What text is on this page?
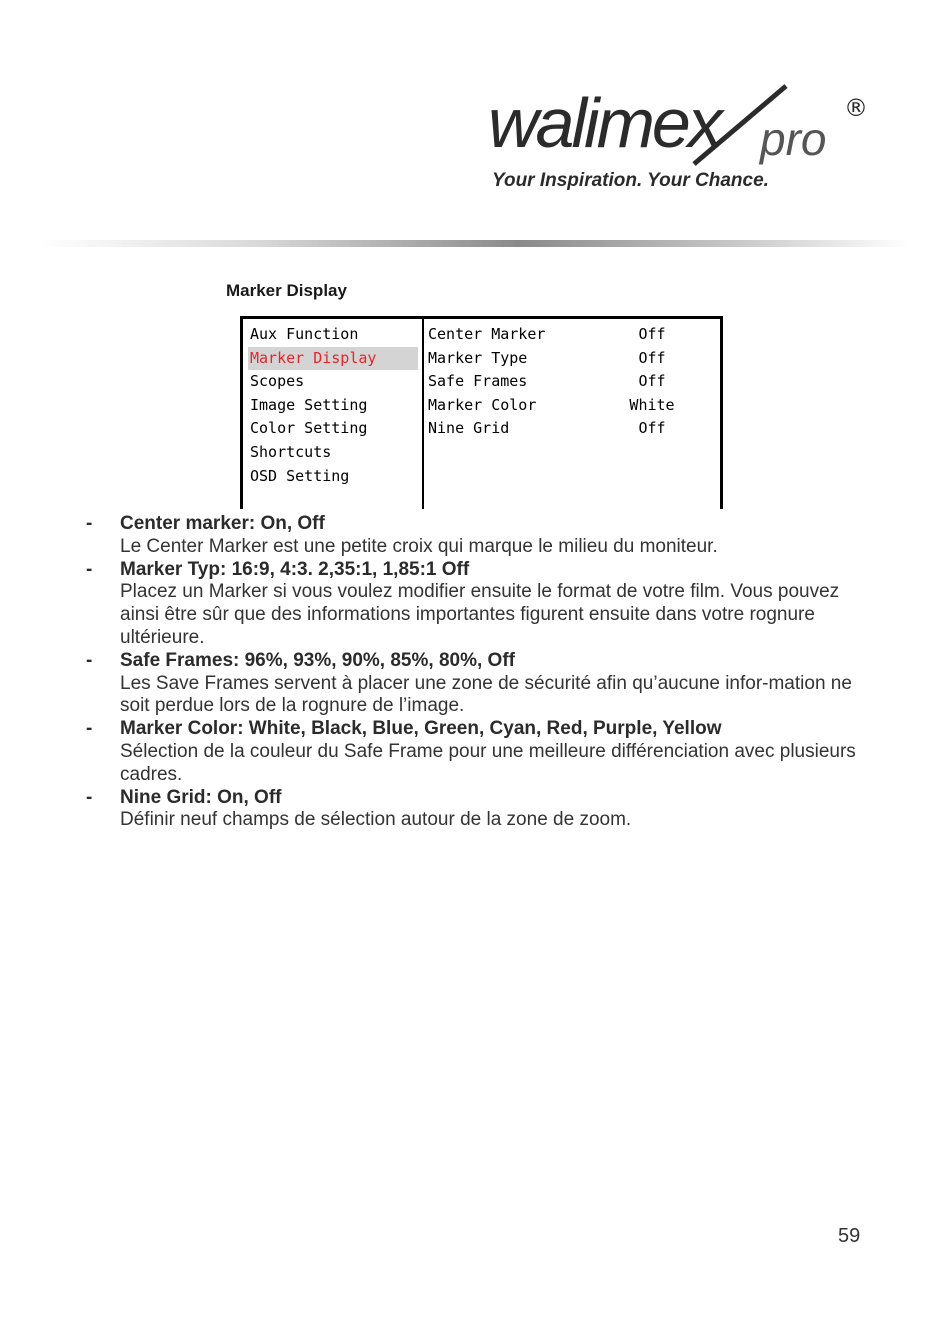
walimex pro
®
Your Inspiration. Your Chance.
Marker Display
Aux Function
Marker Display
Scopes
Image Setting
Color Setting
Shortcuts
OSD Setting
Center Marker	Off
Marker Type	Off
Safe Frames	Off
Marker Color	White
Nine Grid	Off
- Center marker: On, Off
Le Center Marker est une petite croix qui marque le milieu du moniteur.
- Marker Typ: 16:9, 4:3. 2,35:1, 1,85:1 Off
Placez un Marker si vous voulez modifier ensuite le format de votre film. Vous pouvez ainsi être sûr que des informations importantes figurent ensuite dans votre rognure ultérieure.
- Safe Frames: 96%, 93%, 90%, 85%, 80%, Off
Les Save Frames servent à placer une zone de sécurité afin qu’aucune infor-mation ne soit perdue lors de la rognure de l’image.
- Marker Color: White, Black, Blue, Green, Cyan, Red, Purple, Yellow
Sélection de la couleur du Safe Frame pour une meilleure différenciation avec plusieurs cadres.
- Nine Grid: On, Off
Définir neuf champs de sélection autour de la zone de zoom.
59
